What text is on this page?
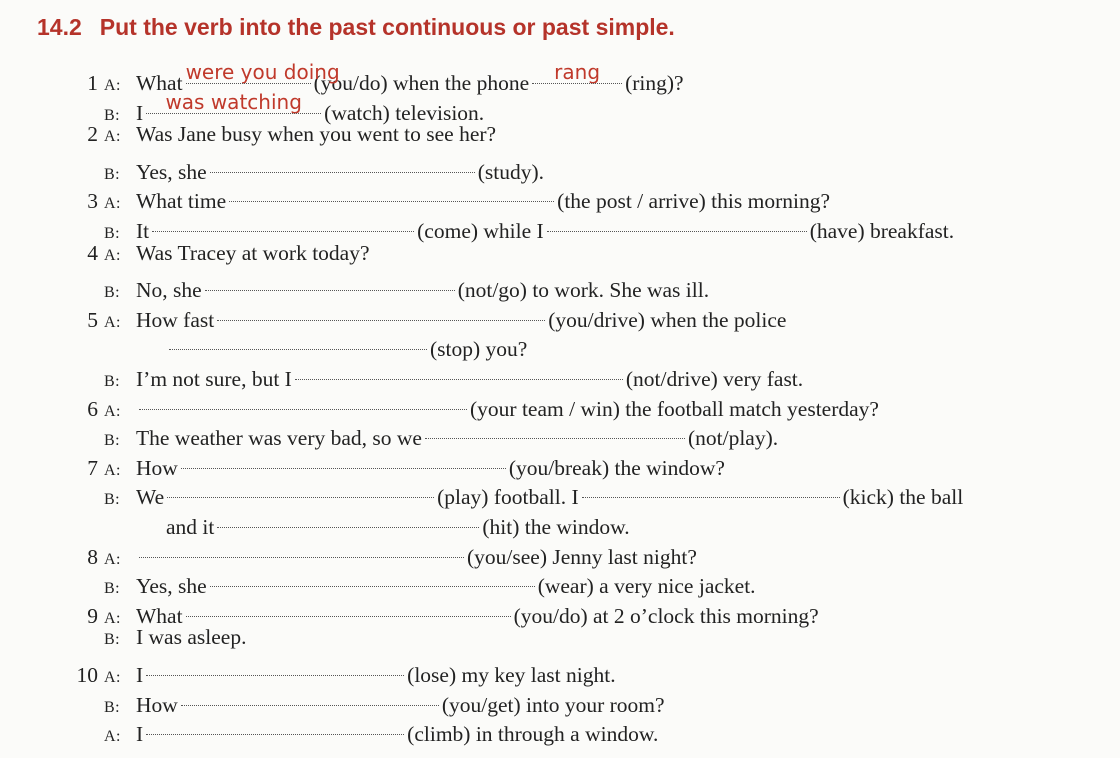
14.2 Put the verb into the past continuous or past simple.
1 A: What were you doing
(you/do) when the phone	rang	(ring)?
B: I	was watching	(watch) television.
2 A: Was Jane busy when you went to see her?
B: Yes, she	(study).
3 A: What time	(the post / arrive) this morning?
B: It	(come) while I	(have) breakfast.
4 A: Was Tracey at work today?
B: No, she	(not/go) to work. She was ill.
5 A: How fast	(you/drive) when the police
(stop) you?
B: I’m not sure, but I	(not/drive) very fast.
6 A:	(your team / win) the football match yesterday?
B: The weather was very bad, so we	(not/play).
7 A: How	(you/break) the window?
B: We	(play) football. I	(kick) the ball
and it	(hit) the window.
8 A:	(you/see) Jenny last night?
B: Yes, she	(wear) a very nice jacket.
9 A: What	(you/do) at 2 o’clock this morning?
B: I was asleep.
10 A: I	(lose) my key last night.
B: How	(you/get) into your room?
A: I	(climb) in through a window.
